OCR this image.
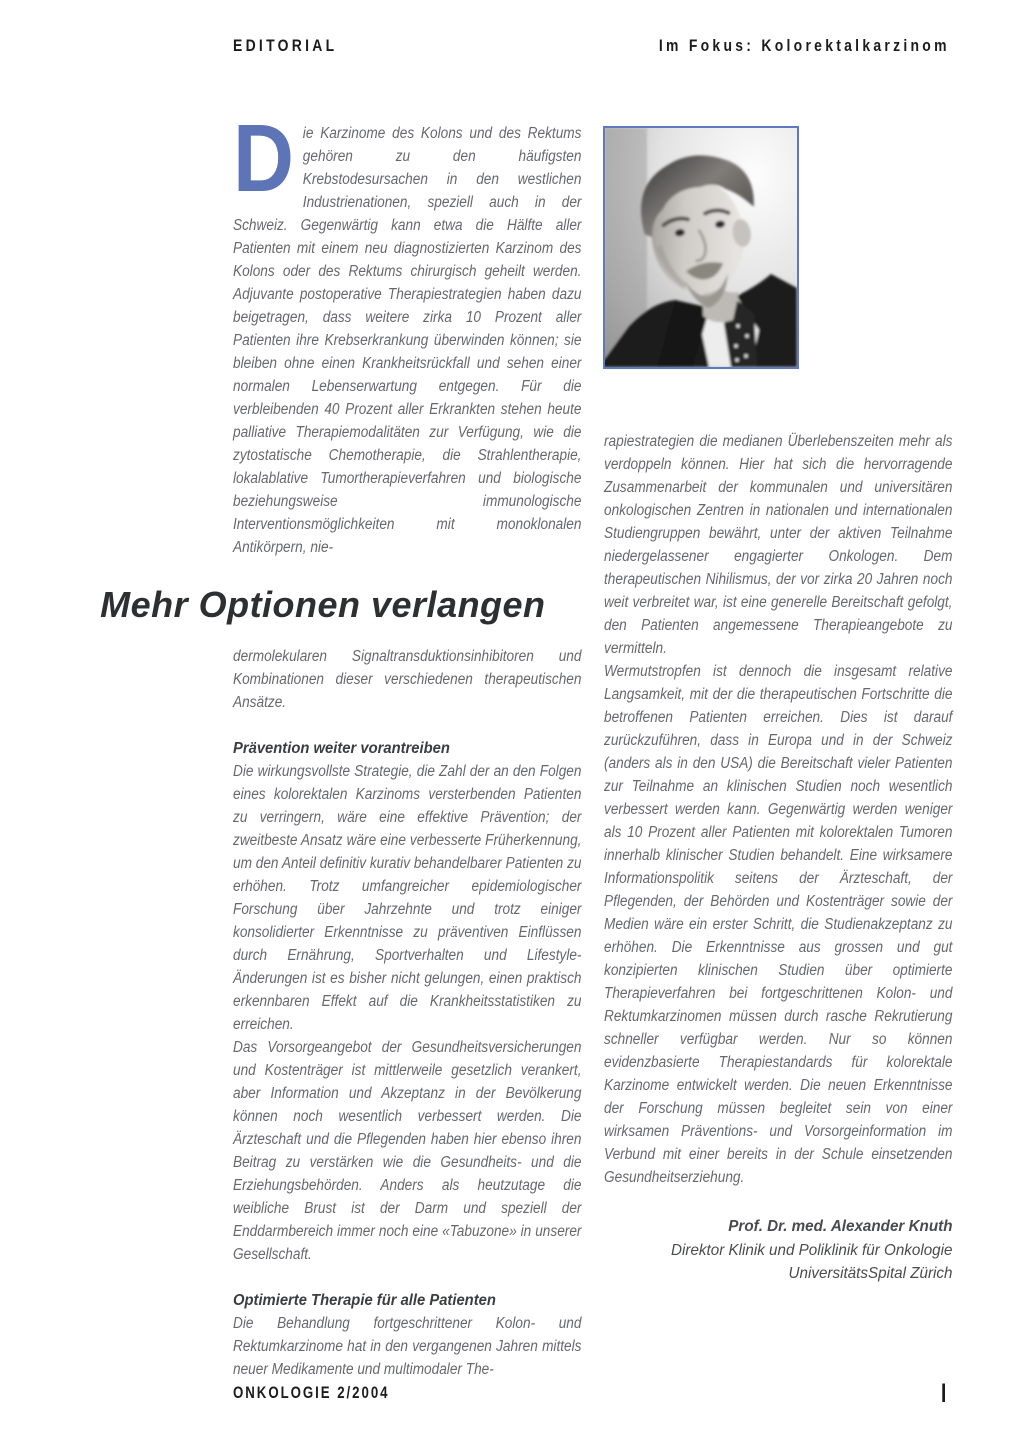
EDITORIAL	Im Fokus: Kolorektalkarzinom

Die Karzinome des Kolons und des Rektums gehören zu den häufigsten Krebstodesursachen in den westlichen Industrienationen, speziell auch in der Schweiz. Gegenwärtig kann etwa die Hälfte aller Patienten mit einem neu diagnostizierten Karzinom des Kolons oder des Rektums chirurgisch geheilt werden. Adjuvante postoperative Therapiestrategien haben dazu beigetragen, dass weitere zirka 10 Prozent aller Patienten ihre Krebserkrankung überwinden können; sie bleiben ohne einen Krankheitsrückfall und sehen einer normalen Lebenserwartung entgegen. Für die verbleibenden 40 Prozent aller Erkrankten stehen heute palliative Therapiemodalitäten zur Verfügung, wie die zytostatische Chemotherapie, die Strahlentherapie, lokalablative Tumortherapieverfahren und biologische beziehungsweise immunologische Interventionsmöglichkeiten mit monoklonalen Antikörpern, nie-

Mehr Optionen verlangen

dermolekularen Signaltransduktionsinhibitoren und Kombinationen dieser verschiedenen therapeutischen Ansätze.

Prävention weiter vorantreiben

Die wirkungsvollste Strategie, die Zahl der an den Folgen eines kolorektalen Karzinoms versterbenden Patienten zu verringern, wäre eine effektive Prävention; der zweitbeste Ansatz wäre eine verbesserte Früherkennung, um den Anteil definitiv kurativ behandelbarer Patienten zu erhöhen. Trotz umfangreicher epidemiologischer Forschung über Jahrzehnte und trotz einiger konsolidierter Erkenntnisse zu präventiven Einflüssen durch Ernährung, Sportverhalten und Lifestyle-Änderungen ist es bisher nicht gelungen, einen praktisch erkennbaren Effekt auf die Krankheitsstatistiken zu erreichen.

Das Vorsorgeangebot der Gesundheitsversicherungen und Kostenträger ist mittlerweile gesetzlich verankert, aber Information und Akzeptanz in der Bevölkerung können noch wesentlich verbessert werden. Die Ärzteschaft und die Pflegenden haben hier ebenso ihren Beitrag zu verstärken wie die Gesundheits- und die Erziehungsbehörden. Anders als heutzutage die weibliche Brust ist der Darm und speziell der Enddarmbereich immer noch eine «Tabuzone» in unserer Gesellschaft.

Optimierte Therapie für alle Patienten

Die Behandlung fortgeschrittener Kolon- und Rektumkarzinome hat in den vergangenen Jahren mittels neuer Medikamente und multimodaler The-

rapiestrategien die medianen Überlebenszeiten mehr als verdoppeln können. Hier hat sich die hervorragende Zusammenarbeit der kommunalen und universitären onkologischen Zentren in nationalen und internationalen Studiengruppen bewährt, unter der aktiven Teilnahme niedergelassener engagierter Onkologen. Dem therapeutischen Nihilismus, der vor zirka 20 Jahren noch weit verbreitet war, ist eine generelle Bereitschaft gefolgt, den Patienten angemessene Therapieangebote zu vermitteln.

Wermutstropfen ist dennoch die insgesamt relative Langsamkeit, mit der die therapeutischen Fortschritte die betroffenen Patienten erreichen. Dies ist darauf zurückzuführen, dass in Europa und in der Schweiz (anders als in den USA) die Bereitschaft vieler Patienten zur Teilnahme an klinischen Studien noch wesentlich verbessert werden kann. Gegenwärtig werden weniger als 10 Prozent aller Patienten mit kolorektalen Tumoren innerhalb klinischer Studien behandelt. Eine wirksamere Informationspolitik seitens der Ärzteschaft, der Pflegenden, der Behörden und Kostenträger sowie der Medien wäre ein erster Schritt, die Studienakzeptanz zu erhöhen. Die Erkenntnisse aus grossen und gut konzipierten klinischen Studien über optimierte Therapieverfahren bei fortgeschrittenen Kolon- und Rektumkarzinomen müssen durch rasche Rekrutierung schneller verfügbar werden. Nur so können evidenzbasierte Therapiestandards für kolorektale Karzinome entwickelt werden. Die neuen Erkenntnisse der Forschung müssen begleitet sein von einer wirksamen Präventions- und Vorsorgeinformation im Verbund mit einer bereits in der Schule einsetzenden Gesundheitserziehung.

Prof. Dr. med. Alexander Knuth
Direktor Klinik und Poliklinik für Onkologie
UniversitätsSpital Zürich
ONKOLOGIE 2/2004	I
